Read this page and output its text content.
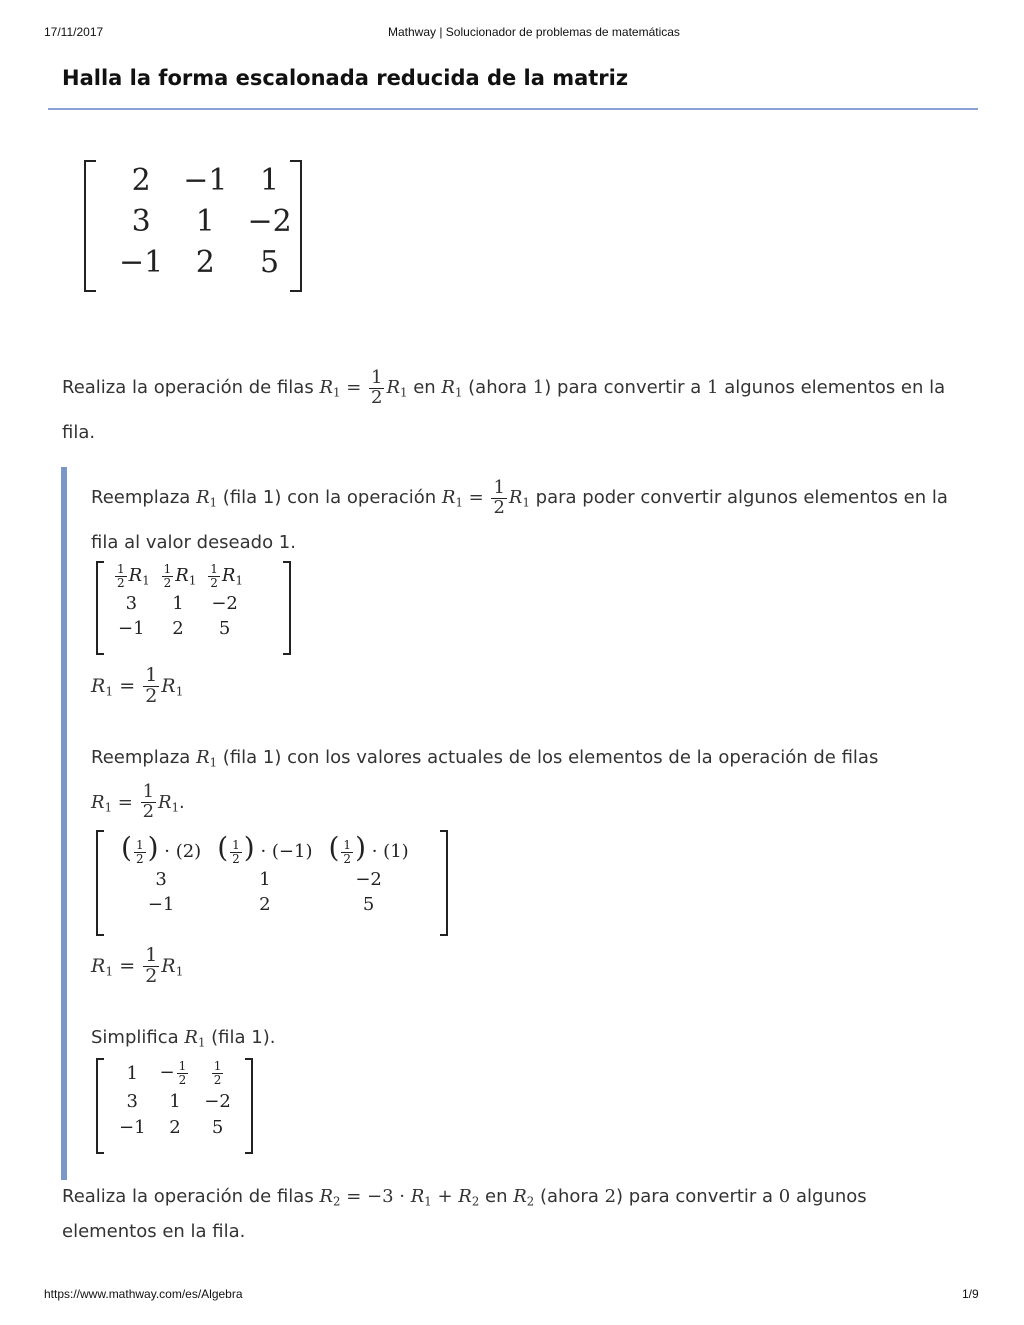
17/11/2017	Mathway | Solucionador de problemas de matemáticas
Halla la forma escalonada reducida de la matriz
2	−1	1
3	1	−2
−1	2	5
Realiza la operación de filas $R_1 = \frac{1}{2} R_1$ en $R_1$ (ahora 1) para convertir a 1 algunos elementos en la fila.
Reemplaza $R_1$ (fila 1) con la operación $R_1 = \frac{1}{2} R_1$ para poder convertir algunos elementos en la fila al valor deseado 1.
$\frac{1}{2} R_1$	$\frac{1}{2} R_1$	$\frac{1}{2} R_1$
3	1	−2
−1	2	5
$R_1 = \frac{1}{2} R_1$
Reemplaza $R_1$ (fila 1) con los valores actuales de los elementos de la operación de filas
$R_1 = \frac{1}{2} R_1$.
( $\frac{1}{2}$ ) · (2)	( $\frac{1}{2}$ ) · (−1)	( $\frac{1}{2}$ ) · (1)
3	1	−2
−1	2	5
$R_1 = \frac{1}{2} R_1$
Simplifica $R_1$ (fila 1).
1	− $\frac{1}{2}$	$\frac{1}{2}$

3	1	−2
−1	2	5
Realiza la operación de filas $R_2 = -3 \cdot R_1 + R_2$ en $R_2$ (ahora 2) para convertir a 0 algunos
elementos en la fila.
https://www.mathway.com/es/Algebra	1/9
